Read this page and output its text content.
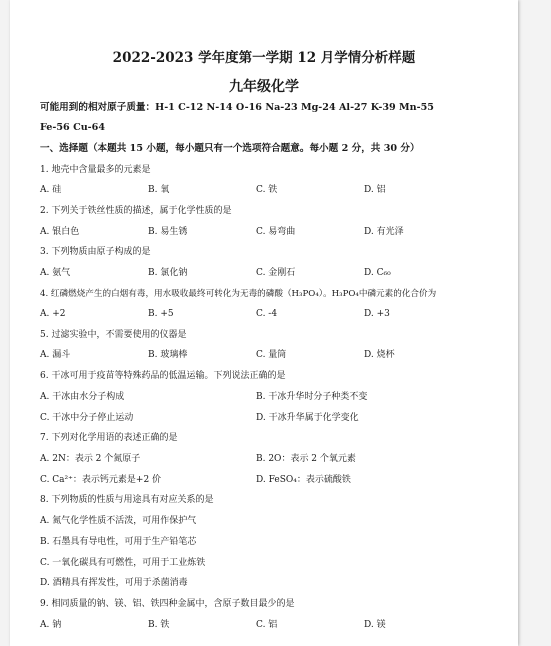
2022-2023 学年度第一学期 12 月学情分析样题
九年级化学
可能用到的相对原子质量：H-1 C-12 N-14 O-16 Na-23 Mg-24 Al-27 K-39 Mn-55
Fe-56 Cu-64
一、选择题（本题共 15 小题，每小题只有一个选项符合题意。每小题 2 分，共 30 分）
1. 地壳中含量最多的元素是
A. 硅	B. 氧	C. 铁	D. 铝
2. 下列关于铁丝性质的描述，属于化学性质的是
A. 银白色	B. 易生锈	C. 易弯曲	D. 有光泽
3. 下列物质由原子构成的是
A. 氨气	B. 氯化钠	C. 金刚石	D. C₆₀
4. 红磷燃烧产生的白烟有毒，用水吸收最终可转化为无毒的磷酸（H₃PO₄）。H₃PO₄中磷元素的化合价为
A. +2	B. +5	C. -4	D. +3
5. 过滤实验中，不需要使用的仪器是
A. 漏斗	B. 玻璃棒	C. 量筒	D. 烧杯
6. 干冰可用于疫苗等特殊药品的低温运输。下列说法正确的是
A. 干冰由水分子构成	B. 干冰升华时分子种类不变
C. 干冰中分子停止运动	D. 干冰升华属于化学变化
7. 下列对化学用语的表述正确的是
A. 2N：表示 2 个氮原子	B. 2O：表示 2 个氧元素
C. Ca²⁺：表示钙元素是+2 价	D. FeSO₄：表示硫酸铁
8. 下列物质的性质与用途具有对应关系的是
A. 氮气化学性质不活泼，可用作保护气
B. 石墨具有导电性，可用于生产铅笔芯
C. 一氧化碳具有可燃性，可用于工业炼铁
D. 酒精具有挥发性，可用于杀菌消毒
9. 相同质量的钠、镁、铝、铁四种金属中，含原子数目最少的是
A. 钠	B. 铁	C. 铝	D. 镁
